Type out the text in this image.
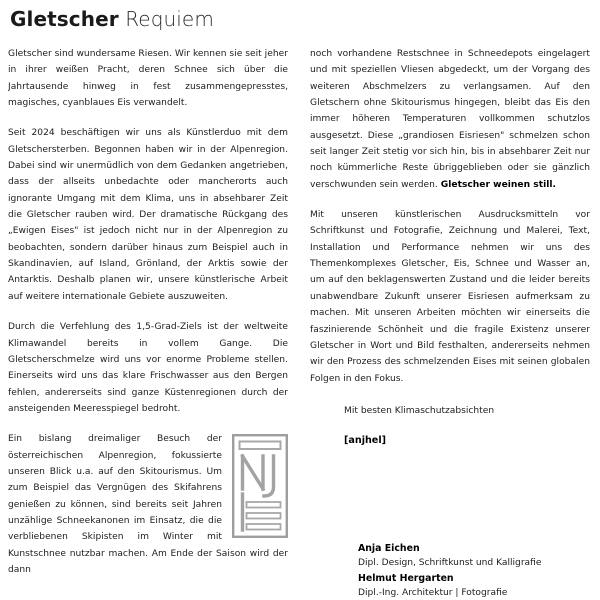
Gletscher Requiem

Gletscher sind wundersame Riesen. Wir kennen sie seit jeher in ihrer weißen Pracht, deren Schnee sich über die Jahrtausende hinweg in fest zusammengepresstes, magisches, cyanblaues Eis verwandelt.

Seit 2024 beschäftigen wir uns als Künstlerduo mit dem Gletschersterben. Begonnen haben wir in der Alpenregion. Dabei sind wir unermüdlich von dem Gedanken angetrieben, dass der allseits unbedachte oder mancherorts auch ignorante Umgang mit dem Klima, uns in absehbarer Zeit die Gletscher rauben wird. Der dramatische Rückgang des „Ewigen Eises" ist jedoch nicht nur in der Alpenregion zu beobachten, sondern darüber hinaus zum Beispiel auch in Skandinavien, auf Island, Grönland, der Arktis sowie der Antarktis. Deshalb planen wir, unsere künstlerische Arbeit auf weitere internationale Gebiete auszuweiten.

Durch die Verfehlung des 1,5-Grad-Ziels ist der weltweite Klimawandel bereits in vollem Gange. Die Gletscherschmelze wird uns vor enorme Probleme stellen. Einerseits wird uns das klare Frischwasser aus den Bergen fehlen, andererseits sind ganze Küstenregionen durch der ansteigenden Meeresspiegel bedroht.

Ein bislang dreimaliger Besuch der österreichischen Alpenregion, fokussierte unseren Blick u.a. auf den Skitourismus. Um zum Beispiel das Vergnügen des Skifahrens genießen zu können, sind bereits seit Jahren unzählige Schneekanonen im Einsatz, die die verbliebenen Skipisten im Winter mit Kunstschnee nutzbar machen. Am Ende der Saison wird der dann

noch vorhandene Restschnee in Schneedepots eingelagert und mit speziellen Vliesen abgedeckt, um der Vorgang des weiteren Abschmelzers zu verlangsamen. Auf den Gletschern ohne Skitourismus hingegen, bleibt das Eis den immer höheren Temperaturen vollkommen schutzlos ausgesetzt. Diese „grandiosen Eisriesen" schmelzen schon seit langer Zeit stetig vor sich hin, bis in absehbarer Zeit nur noch kümmerliche Reste übriggeblieben oder sie gänzlich verschwunden sein werden. Gletscher weinen still.

Mit unseren künstlerischen Ausdrucksmitteln vor Schriftkunst und Fotografie, Zeichnung und Malerei, Text, Installation und Performance nehmen wir uns des Themenkomplexes Gletscher, Eis, Schnee und Wasser an, um auf den beklagenswerten Zustand und die leider bereits unabwendbare Zukunft unserer Eisriesen aufmerksam zu machen. Mit unseren Arbeiten möchten wir einerseits die faszinierende Schönheit und die fragile Existenz unserer Gletscher in Wort und Bild festhalten, andererseits nehmen wir den Prozess des schmelzenden Eises mit seinen globalen Folgen in den Fokus.

Mit besten Klimaschutzabsichten

[anjhel]

Anja Eichen

Dipl. Design, Schriftkunst und Kalligrafie

Helmut Hergarten

Dipl.-Ing. Architektur | Fotografie
